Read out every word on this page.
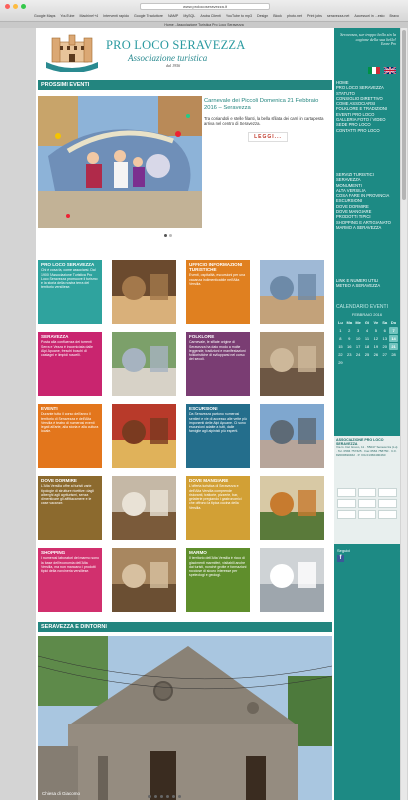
www.prolocoseravezza.it
Google Maps YouTube Machine!+4 Interventi rapido Google Traduttore NAMP MySQL Aruba Clienti YouTube to mp3 Design Block photo.net Print jobs seravezza.net Accessori in ...esto Bravo
Home - Associazione Turistica Pro Loco Seravezza
PRO LOCO SERAVEZZA
Associazione turistica
dal 1956
PROSSIMI EVENTI
Carnevale dei Piccoli Domenica 21 Febbraio 2016 – Seravezza
Tra coriandoli e stelle filanti, la bella sfilata dei carri in cartapesta arriva nel centro di Seravezza.
LEGGI...
PRO LOCO SERAVEZZA
Chi è cosa fa, come associarsi. Dal 1900 l'Associazione Turistica Pro Loco Seravezza promuove il turismo e la storia della nostra terra del territorio versiliese.
UFFICIO INFORMAZIONI TURISTICHE
Eventi, ospitalità, escursioni per una vacanza indimenticabile nell'Alta Versilia.
SERAVEZZA
Posta alla confluenza dei torrenti Serra e Vezza è incorniciata dalle Alpi Apuane, freschi boschi di castagni e limpidi ruscelli.
FOLKLORE
Carnevale, le sfilate origine di Seravezza ha dato modo a molte leggende, tradizioni e manifestazioni folkloristiche di svilupparsi nel corso dei secoli.
EVENTI
Durante tutto il corso dell'anno il territorio di Seravezza e dell'Alta Versilia è teatro di numerosi eventi legati all'arte, alla storia e alla cultura locale.
ESCURSIONI
Da Seravezza partono numerosi sentieri e vie di accesso alle vette più imponenti delle Alpi Apuane. Ci sono escursioni adatte a tutti, dalle famiglie agli alpinisti più esperti.
DOVE DORMIRE
L'Alta Versilia offre ai turisti varie tipologie di strutture ricettive: dagli alberghi agli agriturismi, senza dimenticare gli affittacamere e le case vacanze.
DOVE MANGIARE
L'offerta turistica di Seravezza e dell'Alta Versilia comprende ristoranti, trattorie, pizzerie, bar, gelaterie pregiando i gastronomici che offrono la tipica cucina della Versilia.
SHOPPING
I numerosi laboratori del marmo sono la base dell'economia dell'Alta Versilia, ma non mancano i prodotti tipici della norcineria versiliese.
MARMO
Il territorio dell'Alta Versilia è ricco di giacimenti marmiferi, visitabili anche dai turisti, nonché grotte e formazioni rocciose di sicuro interesse per speleologi e geologi.
SERAVEZZA E DINTORNI
Chiesa di Giacomo
Seravezza, sur troppo bella sin la cagione della sua bella!
Ezone Pro
HOME
PRO LOCO SERAVEZZA
STATUTO
CONSIGLIO DIRETTIVO
COME ASSOCIARSI
FOLKLORE E TRADIZIONI
EVENTI PRO LOCO
GALLERIA FOTO / VIDEO
SEDE PRO LOCO
CONTATTI PRO LOCO
SERVIZI TURISTICI
SERAVEZZA
MONUMENTI
ALTA VERSILIA
COSA FARE IN PROVINCIA
ESCURSIONI
DOVE DORMIRE
DOVE MANGIARE
PRODOTTI TIPICI
SHOPPING E ARTIGIANATO
MARMO A SERAVEZZA
LINK E NUMERI UTILI
METEO A SERAVEZZA
CALENDARIO EVENTI
FEBBRAIO 2016
Lu Ma Me Gi	Ve	Sa Do
1	2	3	4	5	6	7
8	9	10	11	12	13	14
15	16	17	18	19	20	21
22	23	24	25	26	27	28
29
ASSOCIAZIONE PRO LOCO SERAVEZZA
Via G. Del Greco, 11 · 55047 Seravezza (Lu) · Tel. 0584 757325 · Fax 0584 758750 · C.F. 82000690462 · P. IVA 01366490460
Seguici
f
